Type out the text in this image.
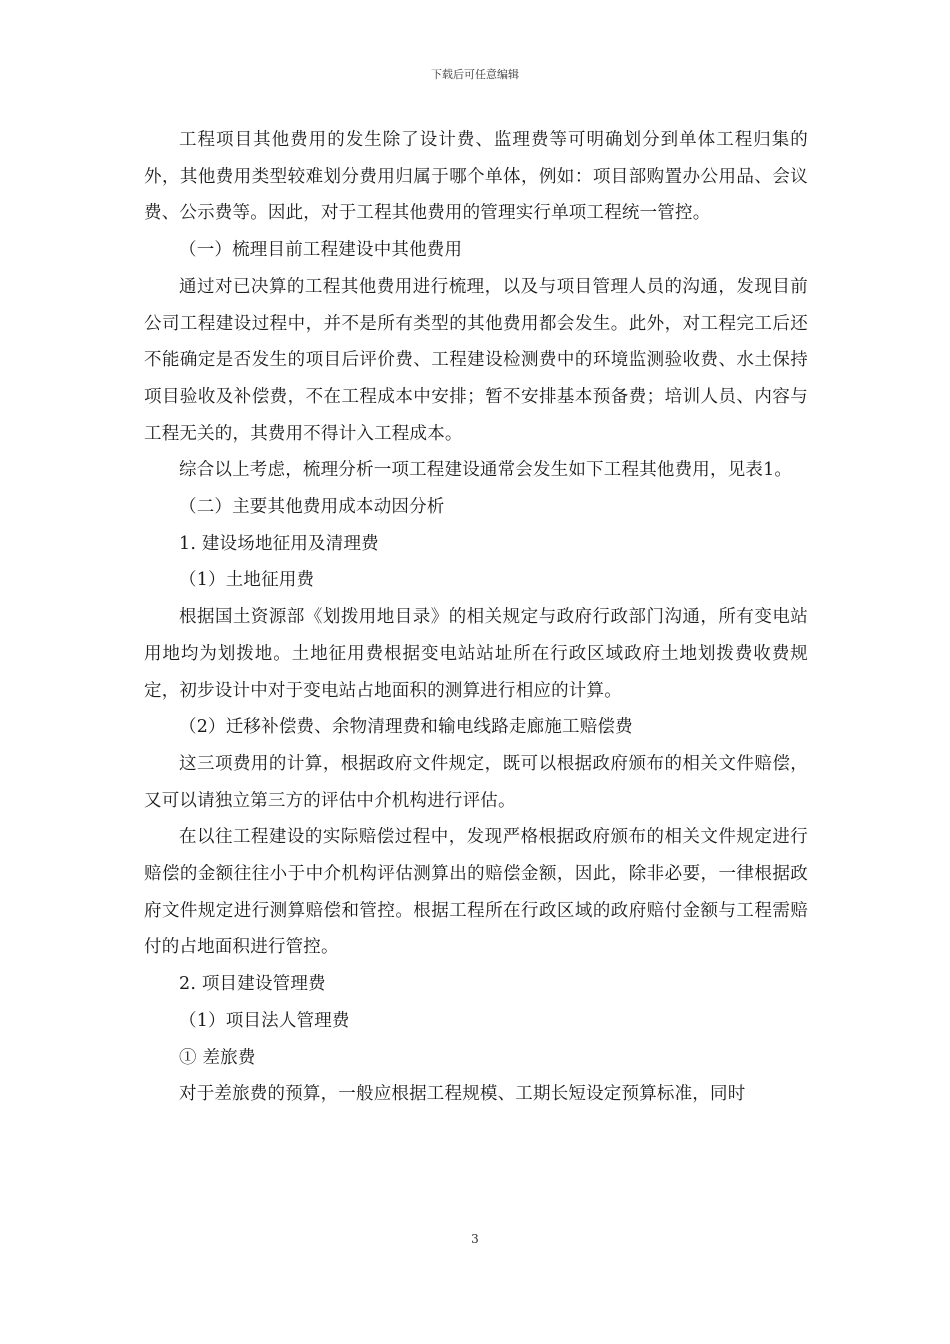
下载后可任意编辑

工程项目其他费用的发生除了设计费、监理费等可明确划分到单体工程归集的外，其他费用类型较难划分费用归属于哪个单体，例如：项目部购置办公用品、会议费、公示费等。因此，对于工程其他费用的管理实行单项工程统一管控。

（一）梳理目前工程建设中其他费用

通过对已决算的工程其他费用进行梳理，以及与项目管理人员的沟通，发现目前公司工程建设过程中，并不是所有类型的其他费用都会发生。此外，对工程完工后还不能确定是否发生的项目后评价费、工程建设检测费中的环境监测验收费、水土保持项目验收及补偿费，不在工程成本中安排；暂不安排基本预备费；培训人员、内容与工程无关的，其费用不得计入工程成本。

综合以上考虑，梳理分析一项工程建设通常会发生如下工程其他费用，见表1。

（二）主要其他费用成本动因分析

1. 建设场地征用及清理费

（1）土地征用费

根据国土资源部《划拨用地目录》的相关规定与政府行政部门沟通，所有变电站用地均为划拨地。土地征用费根据变电站站址所在行政区域政府土地划拨费收费规定，初步设计中对于变电站占地面积的测算进行相应的计算。

（2）迁移补偿费、余物清理费和输电线路走廊施工赔偿费

这三项费用的计算，根据政府文件规定，既可以根据政府颁布的相关文件赔偿，又可以请独立第三方的评估中介机构进行评估。

在以往工程建设的实际赔偿过程中，发现严格根据政府颁布的相关文件规定进行赔偿的金额往往小于中介机构评估测算出的赔偿金额，因此，除非必要，一律根据政府文件规定进行测算赔偿和管控。根据工程所在行政区域的政府赔付金额与工程需赔付的占地面积进行管控。

2. 项目建设管理费

（1）项目法人管理费

① 差旅费

对于差旅费的预算，一般应根据工程规模、工期长短设定预算标准，同时

3
